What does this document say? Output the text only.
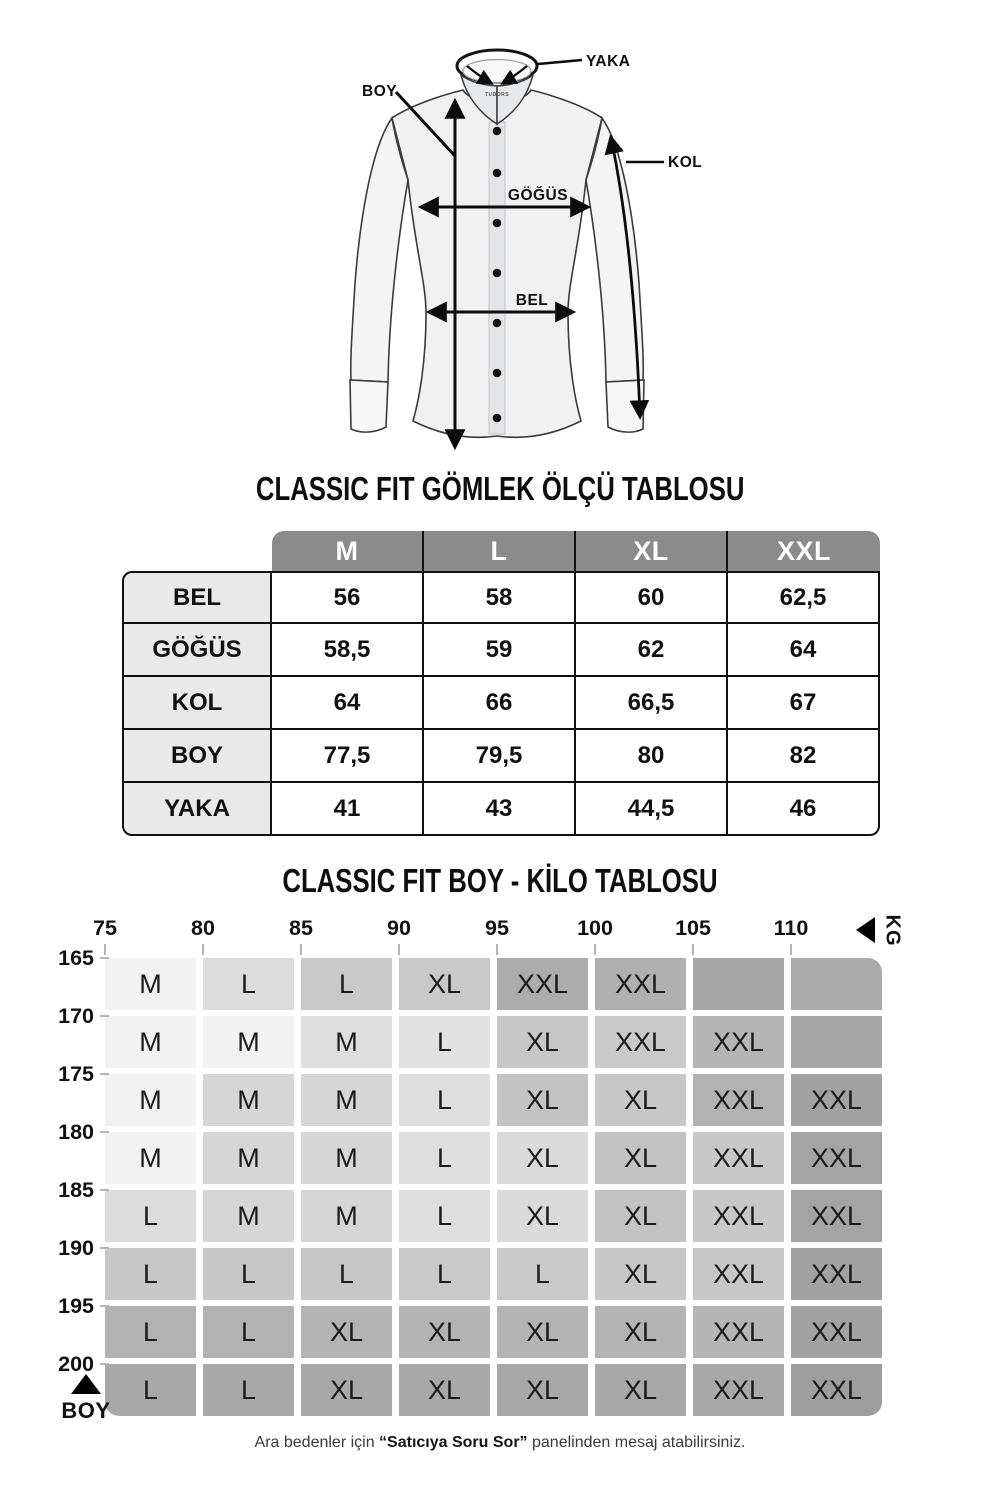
TUDORS
YAKA
BOY
KOL
GÖĞÜS
BEL
CLASSIC FIT GÖMLEK ÖLÇÜ TABLOSU
M	L	XL	XXL
BEL	56	58	60	62,5
GÖĞÜS	58,5	59	62	64
KOL	64	66	66,5	67
BOY	77,5	79,5	80	82
YAKA	41	43	44,5	46
CLASSIC FIT BOY - KİLO TABLOSU
KG
M	L	L	XL	XXL	XXL
M	M	M	L	XL	XXL	XXL
M	M	M	L	XL	XL	XXL	XXL
M	M	M	L	XL	XL	XXL	XXL
L	M	M	L	XL	XL	XXL	XXL
L	L	L	L	L	XL	XXL	XXL
L	L	XL	XL	XL	XL	XXL	XXL
L	L	XL	XL	XL	XL	XXL	XXL
BOY
Ara bedenler için “Satıcıya Soru Sor” panelinden mesaj atabilirsiniz.
75	80	85	90	95	100	105	110
165
170
175
180
185
190
195
200
